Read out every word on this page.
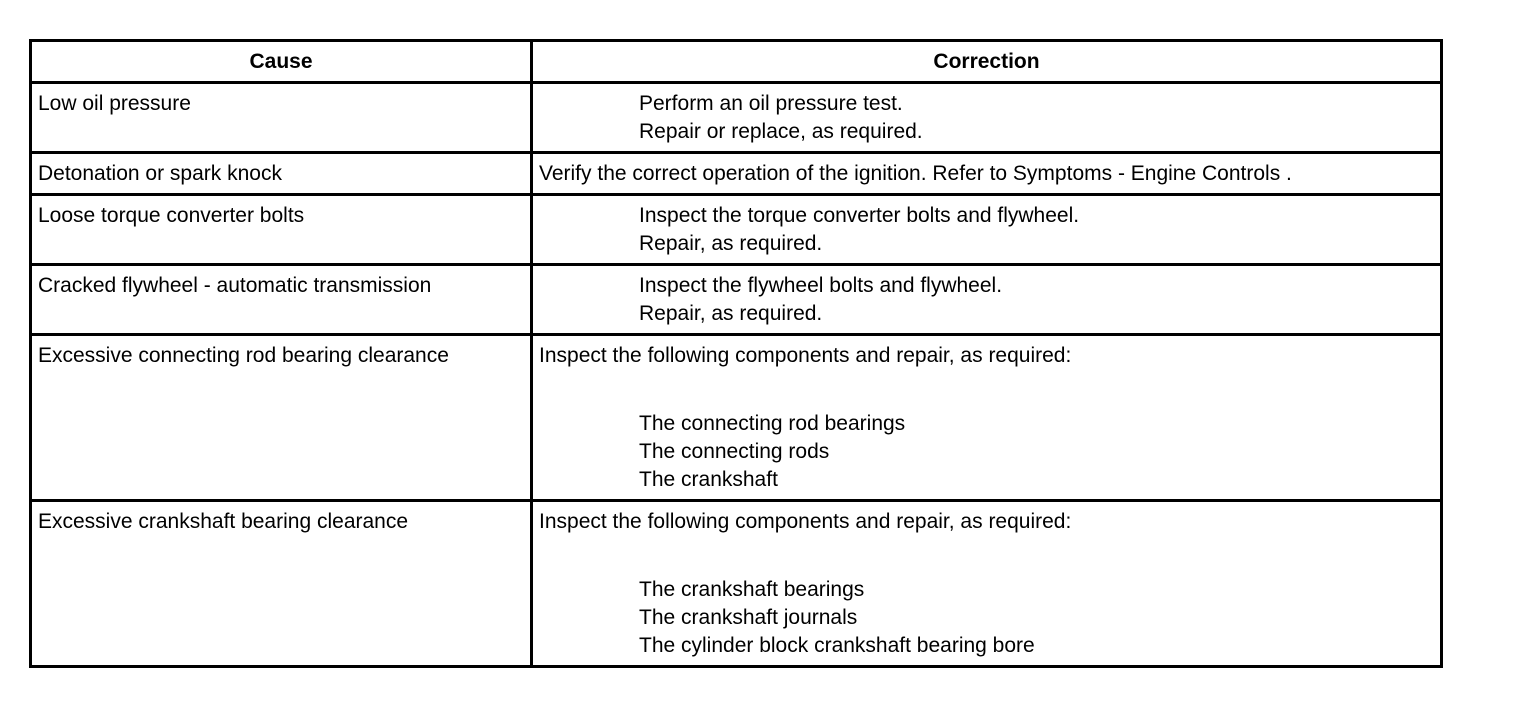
Cause	Correction
Low oil pressure	Perform an oil pressure test.
Repair or replace, as required.
Detonation or spark knock	Verify the correct operation of the ignition. Refer to Symptoms - Engine Controls .
Loose torque converter bolts	Inspect the torque converter bolts and flywheel.
Repair, as required.
Cracked flywheel - automatic transmission	Inspect the flywheel bolts and flywheel.
Repair, as required.
Excessive connecting rod bearing clearance	Inspect the following components and repair, as required:
The connecting rod bearings
The connecting rods
The crankshaft
Excessive crankshaft bearing clearance	Inspect the following components and repair, as required:
The crankshaft bearings
The crankshaft journals
The cylinder block crankshaft bearing bore
